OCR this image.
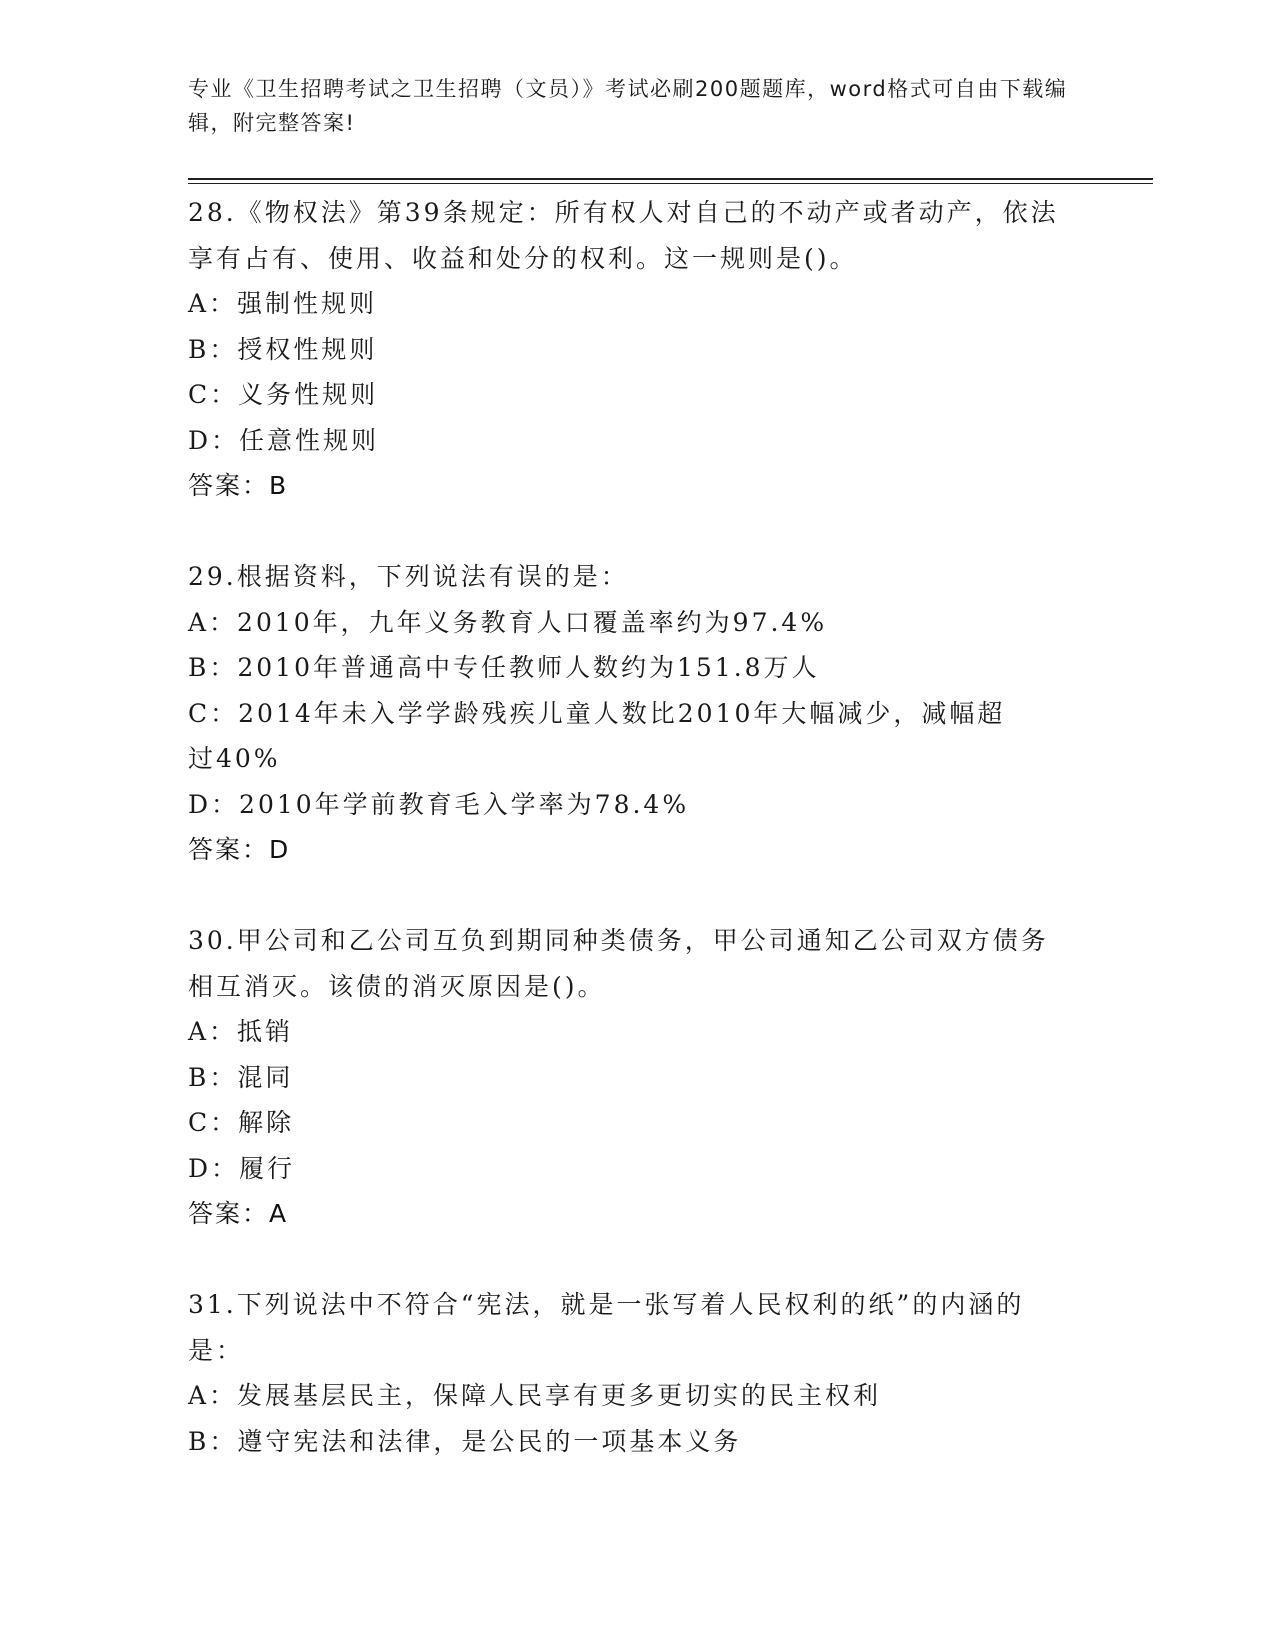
专业《卫生招聘考试之卫生招聘（文员）》考试必刷200题题库，word格式可自由下载编辑，附完整答案!
28.《物权法》第39条规定：所有权人对自己的不动产或者动产，依法享有占有、使用、收益和处分的权利。这一规则是()。
A：强制性规则
B：授权性规则
C：义务性规则
D：任意性规则
答案：B
29.根据资料，下列说法有误的是：
A：2010年，九年义务教育人口覆盖率约为97.4%
B：2010年普通高中专任教师人数约为151.8万人
C：2014年未入学学龄残疾儿童人数比2010年大幅减少，减幅超过40%
D：2010年学前教育毛入学率为78.4%
答案：D
30.甲公司和乙公司互负到期同种类债务，甲公司通知乙公司双方债务相互消灭。该债的消灭原因是()。
A：抵销
B：混同
C：解除
D：履行
答案：A
31.下列说法中不符合“宪法，就是一张写着人民权利的纸”的内涵的是：
A：发展基层民主，保障人民享有更多更切实的民主权利
B：遵守宪法和法律，是公民的一项基本义务
